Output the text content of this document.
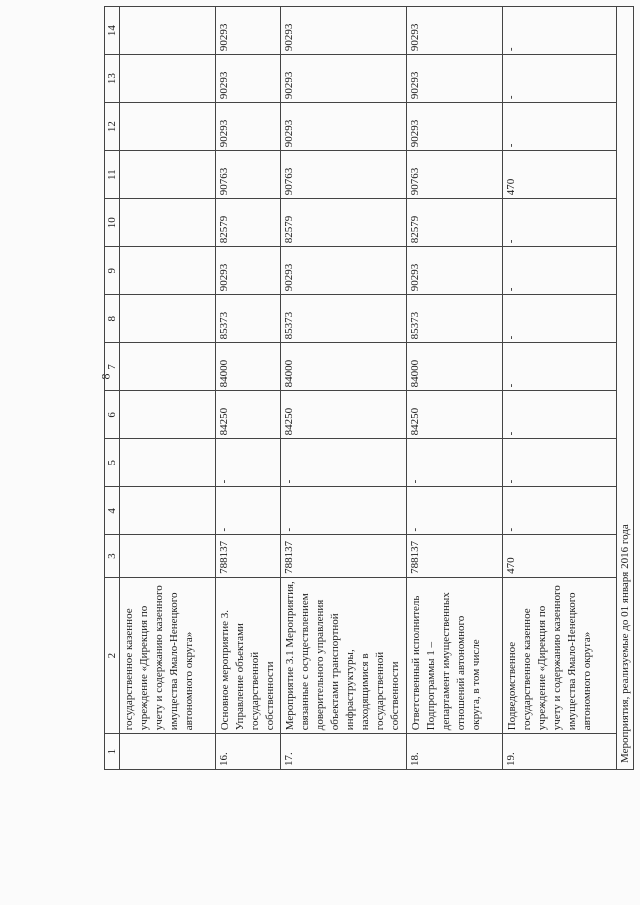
8
1	2	3	4	5	6	7	8	9	10	11	12	13	14
	государственное казенное учреждение «Дирекция по учету и содержанию казенного имущества Ямало-Ненецкого автономного округа»												
16.	Основное мероприятие 3. Управление объектами государственной собственности	788137	-	-	84250	84000	85373	90293	82579	90763	90293	90293	90293
17.	Мероприятие 3.1 Мероприятия, связанные с осуществлением доверительного управления объектами транспортной инфраструктуры, находящимися в государственной собственности	788137	-	-	84250	84000	85373	90293	82579	90763	90293	90293	90293
18.	Ответственный исполнитель Подпрограммы 1 – департамент имущественных отношений автономного округа, в том числе	788137	-	-	84250	84000	85373	90293	82579	90763	90293	90293	90293
19.	Подведомственное государственное казенное учреждение «Дирекция по учету и содержанию казенного имущества Ямало-Ненецкого автономного округа»	470	-	-	-	-	-	-	-	470	-	-	-
Мероприятия, реализуемые до 01 января 2016 года													
